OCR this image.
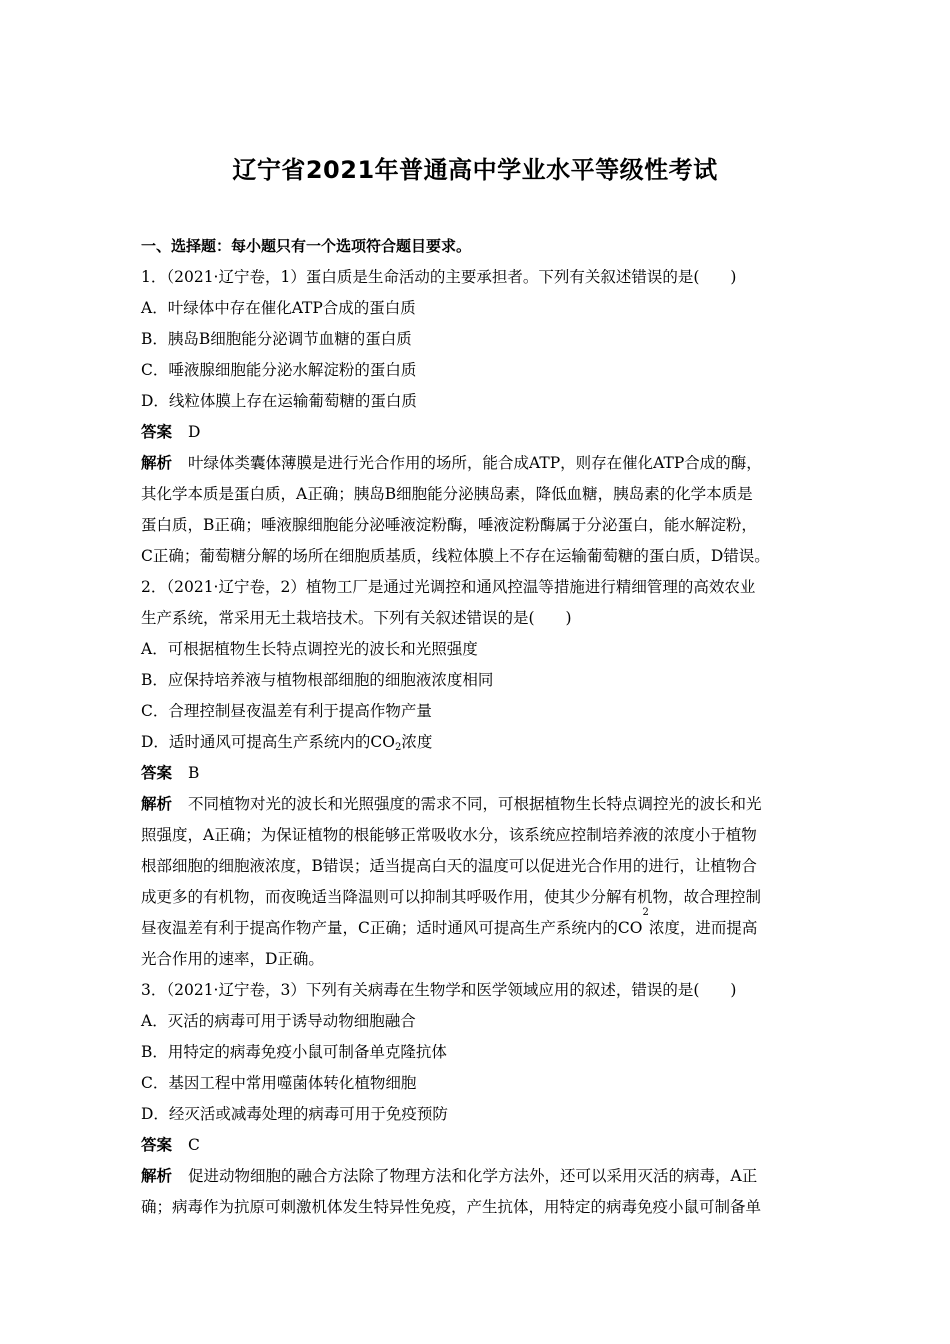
辽宁省2021年普通高中学业水平等级性考试
一、选择题：每小题只有一个选项符合题目要求。
1．（2021·辽宁卷，1）蛋白质是生命活动的主要承担者。下列有关叙述错误的是(　　)
A．叶绿体中存在催化ATP合成的蛋白质
B．胰岛B细胞能分泌调节血糖的蛋白质
C．唾液腺细胞能分泌水解淀粉的蛋白质
D．线粒体膜上存在运输葡萄糖的蛋白质
答案 D
解析 叶绿体类囊体薄膜是进行光合作用的场所，能合成ATP，则存在催化ATP合成的酶，
其化学本质是蛋白质，A正确；胰岛B细胞能分泌胰岛素，降低血糖，胰岛素的化学本质是
蛋白质，B正确；唾液腺细胞能分泌唾液淀粉酶，唾液淀粉酶属于分泌蛋白，能水解淀粉，
C正确；葡萄糖分解的场所在细胞质基质，线粒体膜上不存在运输葡萄糖的蛋白质，D错误。
2．（2021·辽宁卷，2）植物工厂是通过光调控和通风控温等措施进行精细管理的高效农业
生产系统，常采用无土栽培技术。下列有关叙述错误的是(　　)
A．可根据植物生长特点调控光的波长和光照强度
B．应保持培养液与植物根部细胞的细胞液浓度相同
C．合理控制昼夜温差有利于提高作物产量
D．适时通风可提高生产系统内的$CO_2$浓度
答案 B
解析 不同植物对光的波长和光照强度的需求不同，可根据植物生长特点调控光的波长和光
照强度，A正确；为保证植物的根能够正常吸收水分，该系统应控制培养液的浓度小于植物
根部细胞的细胞液浓度，B错误；适当提高白天的温度可以促进光合作用的进行，让植物合
成更多的有机物，而夜晚适当降温则可以抑制其呼吸作用，使其少分解有机物，故合理控制
昼夜温差有利于提高作物产量，C正确；适时通风可提高生产系统内的CO
2
浓度，进而提高
光合作用的速率，D正确。
3．（2021·辽宁卷，3）下列有关病毒在生物学和医学领域应用的叙述，错误的是(　　)
A．灭活的病毒可用于诱导动物细胞融合
B．用特定的病毒免疫小鼠可制备单克隆抗体
C．基因工程中常用噬菌体转化植物细胞
D．经灭活或减毒处理的病毒可用于免疫预防
答案 C
解析 促进动物细胞的融合方法除了物理方法和化学方法外，还可以采用灭活的病毒，A正
确；病毒作为抗原可刺激机体发生特异性免疫，产生抗体，用特定的病毒免疫小鼠可制备单
